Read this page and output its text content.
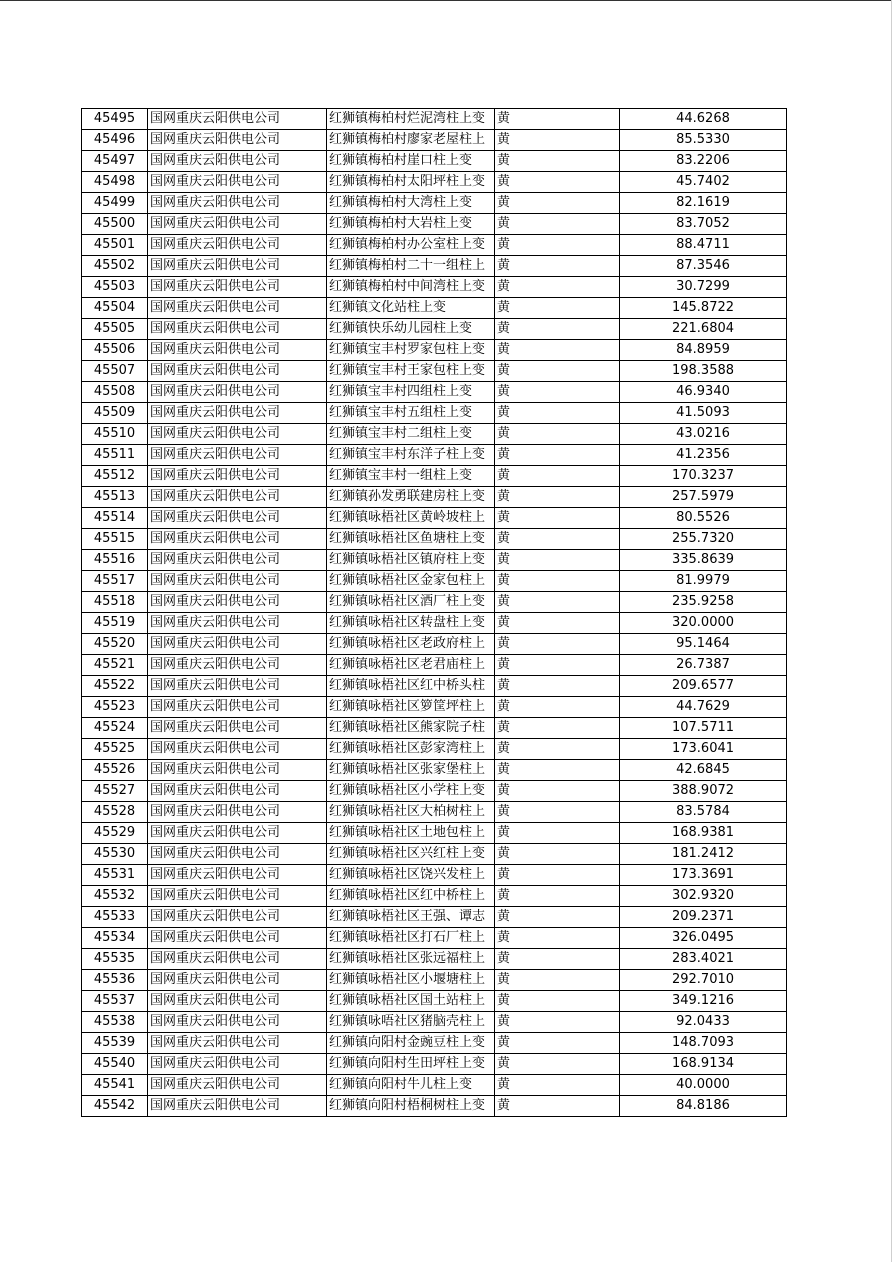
45495	国网重庆云阳供电公司	红狮镇梅柏村烂泥湾柱上变	黄	44.6268
45496	国网重庆云阳供电公司	红狮镇梅柏村廖家老屋柱上	黄	85.5330
45497	国网重庆云阳供电公司	红狮镇梅柏村崖口柱上变	黄	83.2206
45498	国网重庆云阳供电公司	红狮镇梅柏村太阳坪柱上变	黄	45.7402
45499	国网重庆云阳供电公司	红狮镇梅柏村大湾柱上变	黄	82.1619
45500	国网重庆云阳供电公司	红狮镇梅柏村大岩柱上变	黄	83.7052
45501	国网重庆云阳供电公司	红狮镇梅柏村办公室柱上变	黄	88.4711
45502	国网重庆云阳供电公司	红狮镇梅柏村二十一组柱上	黄	87.3546
45503	国网重庆云阳供电公司	红狮镇梅柏村中间湾柱上变	黄	30.7299
45504	国网重庆云阳供电公司	红狮镇文化站柱上变	黄	145.8722
45505	国网重庆云阳供电公司	红狮镇快乐幼儿园柱上变	黄	221.6804
45506	国网重庆云阳供电公司	红狮镇宝丰村罗家包柱上变	黄	84.8959
45507	国网重庆云阳供电公司	红狮镇宝丰村王家包柱上变	黄	198.3588
45508	国网重庆云阳供电公司	红狮镇宝丰村四组柱上变	黄	46.9340
45509	国网重庆云阳供电公司	红狮镇宝丰村五组柱上变	黄	41.5093
45510	国网重庆云阳供电公司	红狮镇宝丰村二组柱上变	黄	43.0216
45511	国网重庆云阳供电公司	红狮镇宝丰村东洋子柱上变	黄	41.2356
45512	国网重庆云阳供电公司	红狮镇宝丰村一组柱上变	黄	170.3237
45513	国网重庆云阳供电公司	红狮镇孙发勇联建房柱上变	黄	257.5979
45514	国网重庆云阳供电公司	红狮镇咏梧社区黄岭坡柱上	黄	80.5526
45515	国网重庆云阳供电公司	红狮镇咏梧社区鱼塘柱上变	黄	255.7320
45516	国网重庆云阳供电公司	红狮镇咏梧社区镇府柱上变	黄	335.8639
45517	国网重庆云阳供电公司	红狮镇咏梧社区金家包柱上	黄	81.9979
45518	国网重庆云阳供电公司	红狮镇咏梧社区酒厂柱上变	黄	235.9258
45519	国网重庆云阳供电公司	红狮镇咏梧社区转盘柱上变	黄	320.0000
45520	国网重庆云阳供电公司	红狮镇咏梧社区老政府柱上	黄	95.1464
45521	国网重庆云阳供电公司	红狮镇咏梧社区老君庙柱上	黄	26.7387
45522	国网重庆云阳供电公司	红狮镇咏梧社区红中桥头柱	黄	209.6577
45523	国网重庆云阳供电公司	红狮镇咏梧社区箩筐坪柱上	黄	44.7629
45524	国网重庆云阳供电公司	红狮镇咏梧社区熊家院子柱	黄	107.5711
45525	国网重庆云阳供电公司	红狮镇咏梧社区彭家湾柱上	黄	173.6041
45526	国网重庆云阳供电公司	红狮镇咏梧社区张家堡柱上	黄	42.6845
45527	国网重庆云阳供电公司	红狮镇咏梧社区小学柱上变	黄	388.9072
45528	国网重庆云阳供电公司	红狮镇咏梧社区大柏树柱上	黄	83.5784
45529	国网重庆云阳供电公司	红狮镇咏梧社区土地包柱上	黄	168.9381
45530	国网重庆云阳供电公司	红狮镇咏梧社区兴红柱上变	黄	181.2412
45531	国网重庆云阳供电公司	红狮镇咏梧社区饶兴发柱上	黄	173.3691
45532	国网重庆云阳供电公司	红狮镇咏梧社区红中桥柱上	黄	302.9320
45533	国网重庆云阳供电公司	红狮镇咏梧社区王强、谭志	黄	209.2371
45534	国网重庆云阳供电公司	红狮镇咏梧社区打石厂柱上	黄	326.0495
45535	国网重庆云阳供电公司	红狮镇咏梧社区张远福柱上	黄	283.4021
45536	国网重庆云阳供电公司	红狮镇咏梧社区小堰塘柱上	黄	292.7010
45537	国网重庆云阳供电公司	红狮镇咏梧社区国土站柱上	黄	349.1216
45538	国网重庆云阳供电公司	红狮镇咏唔社区猪脑壳柱上	黄	92.0433
45539	国网重庆云阳供电公司	红狮镇向阳村金豌豆柱上变	黄	148.7093
45540	国网重庆云阳供电公司	红狮镇向阳村生田坪柱上变	黄	168.9134
45541	国网重庆云阳供电公司	红狮镇向阳村牛儿柱上变	黄	40.0000
45542	国网重庆云阳供电公司	红狮镇向阳村梧桐树柱上变	黄	84.8186
